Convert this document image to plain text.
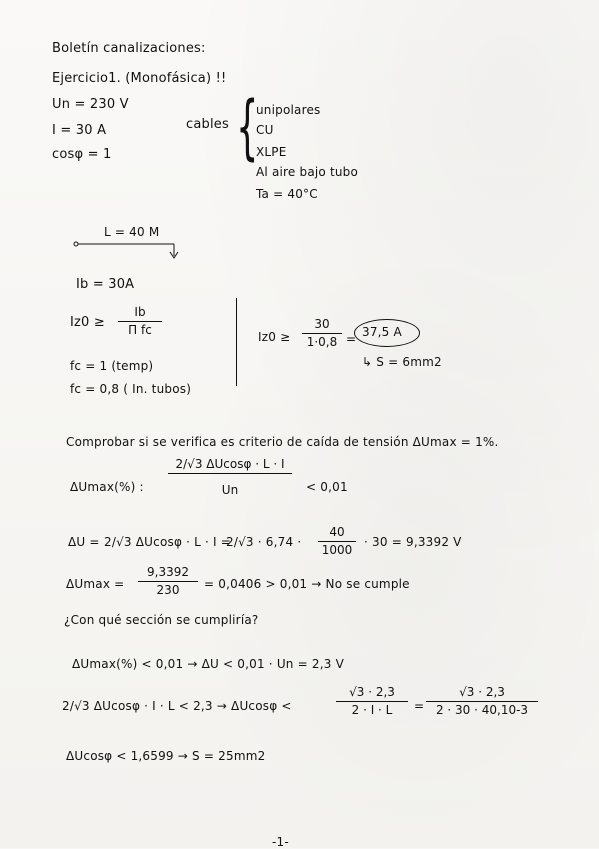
Boletín canalizaciones:
Ejercicio1. (Monofásica) !!
Un = 230 V
I = 30 A
cosφ = 1
cables {
unipolares
CU
XLPE
Al aire bajo tubo
Ta = 40°C
L = 40 M
Ib = 30A
Iz0 ≥
Ib
Π fc
fc = 1 (temp)
fc = 0,8 ( In. tubos)
Iz0 ≥
30
1·0,8 = 37,5 A
↳ S = 6mm2
Comprobar si se verifica es criterio de caída de tensión ΔUmax = 1%.
ΔUmax(%) :
2/√3 ΔUcosφ · L · I
Un	< 0,01
ΔU = 2/√3 ΔUcosφ · L · I =
2/√3 · 6,74 ·
40
1000
· 30 = 9,3392 V
ΔUmax =
9,3392
230 = 0,0406 > 0,01 → No se cumple
¿Con qué sección se cumpliría?
ΔUmax(%) < 0,01 → ΔU < 0,01 · Un = 2,3 V
2/√3 ΔUcosφ · I · L < 2,3 → ΔUcosφ <
√3 · 2,3
2 · I · L =
√3 · 2,3
2 · 30 · 40,10-3
ΔUcosφ < 1,6599 → S = 25mm2
-1-
